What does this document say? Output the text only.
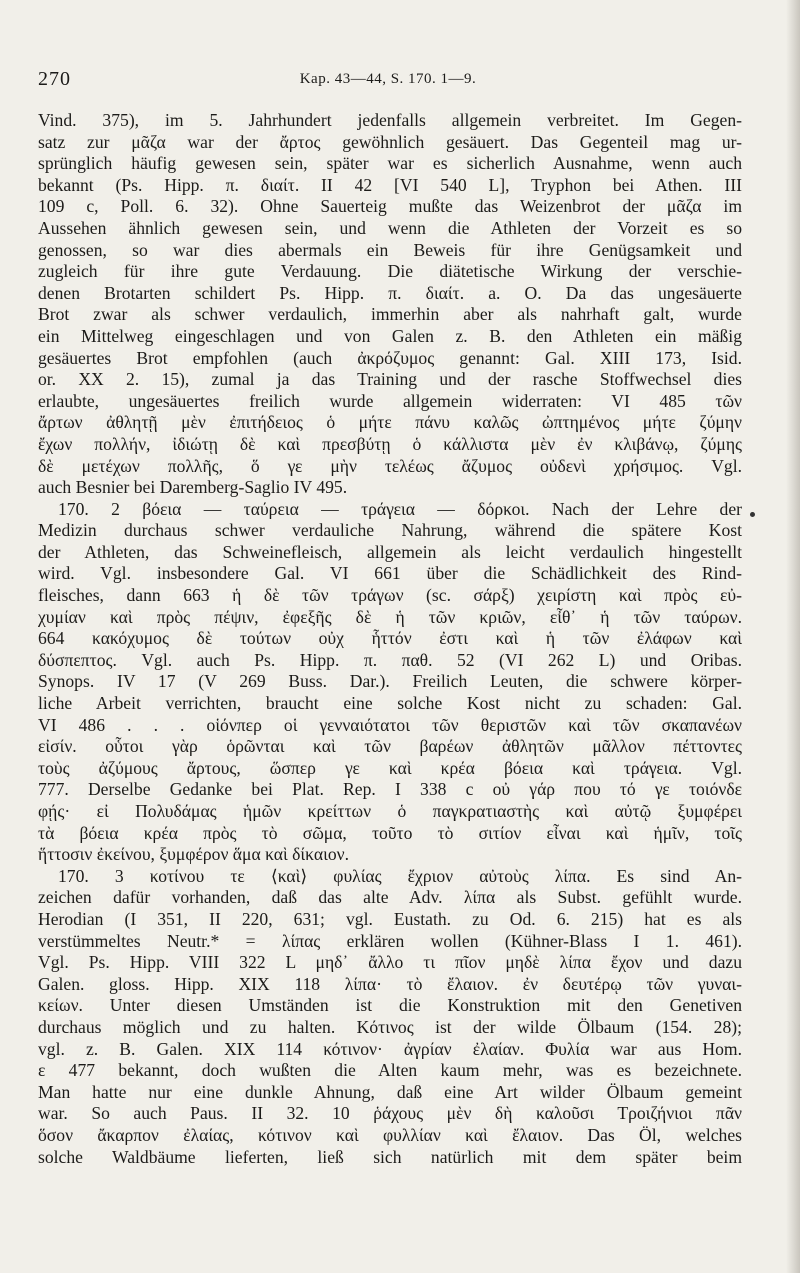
270	Kap. 43—44, S. 170. 1—9.
Vind. 375), im 5. Jahrhundert jedenfalls allgemein verbreitet. Im Gegen-
satz zur μᾶζα war der ἄρτος gewöhnlich gesäuert. Das Gegenteil mag ur-
sprünglich häufig gewesen sein, später war es sicherlich Ausnahme, wenn auch
bekannt (Ps. Hipp. π. διαίτ. II 42 [VI 540 L], Tryphon bei Athen. III
109 c, Poll. 6. 32). Ohne Sauerteig mußte das Weizenbrot der μᾶζα im
Aussehen ähnlich gewesen sein, und wenn die Athleten der Vorzeit es so
genossen, so war dies abermals ein Beweis für ihre Genügsamkeit und
zugleich für ihre gute Verdauung. Die diätetische Wirkung der verschie-
denen Brotarten schildert Ps. Hipp. π. διαίτ. a. O. Da das ungesäuerte
Brot zwar als schwer verdaulich, immerhin aber als nahrhaft galt, wurde
ein Mittelweg eingeschlagen und von Galen z. B. den Athleten ein mäßig
gesäuertes Brot empfohlen (auch ἀκρόζυμος genannt: Gal. XIII 173, Isid.
or. XX 2. 15), zumal ja das Training und der rasche Stoffwechsel dies
erlaubte, ungesäuertes freilich wurde allgemein widerraten: VI 485 τῶν
ἄρτων ἀθλητῇ μὲν ἐπιτήδειος ὁ μήτε πάνυ καλῶς ὠπτημένος μήτε ζύμην
ἔχων πολλήν, ἰδιώτῃ δὲ καὶ πρεσβύτῃ ὁ κάλλιστα μὲν ἐν κλιβάνῳ, ζύμης
δὲ μετέχων πολλῆς, ὅ γε μὴν τελέως ἄζυμος οὐδενὶ χρήσιμος. Vgl.
auch Besnier bei Daremberg-Saglio IV 495.
170. 2 βόεια — ταύρεια — τράγεια — δόρκοι. Nach der Lehre der
Medizin durchaus schwer verdauliche Nahrung, während die spätere Kost
der Athleten, das Schweinefleisch, allgemein als leicht verdaulich hingestellt
wird. Vgl. insbesondere Gal. VI 661 über die Schädlichkeit des Rind-
fleisches, dann 663 ἡ δὲ τῶν τράγων (sc. σάρξ) χειρίστη καὶ πρὸς εὐ-
χυμίαν καὶ πρὸς πέψιν, ἐφεξῆς δὲ ἡ τῶν κριῶν, εἶθ᾿ ἡ τῶν ταύρων.
664 κακόχυμος δὲ τούτων οὐχ ἧττόν ἐστι καὶ ἡ τῶν ἐλάφων καὶ
δύσπεπτος. Vgl. auch Ps. Hipp. π. παθ. 52 (VI 262 L) und Oribas.
Synops. IV 17 (V 269 Buss. Dar.). Freilich Leuten, die schwere körper-
liche Arbeit verrichten, braucht eine solche Kost nicht zu schaden: Gal.
VI 486 . . . οἱόνπερ οἱ γενναιότατοι τῶν θεριστῶν καὶ τῶν σκαπανέων
εἰσίν. οὗτοι γὰρ ὁρῶνται καὶ τῶν βαρέων ἀθλητῶν μᾶλλον πέττοντες
τοὺς ἀζύμους ἄρτους, ὥσπερ γε καὶ κρέα βόεια καὶ τράγεια. Vgl.
777. Derselbe Gedanke bei Plat. Rep. I 338 c οὐ γάρ που τό γε τοιόνδε
φῄς· εἰ Πολυδάμας ἡμῶν κρείττων ὁ παγκρατιαστὴς καὶ αὐτῷ ξυμφέρει
τὰ βόεια κρέα πρὸς τὸ σῶμα, τοῦτο τὸ σιτίον εἶναι καὶ ἡμῖν, τοῖς
ἥττοσιν ἐκείνου, ξυμφέρον ἅμα καὶ δίκαιον.
170. 3 κοτίνου τε ⟨καὶ⟩ φυλίας ἔχριον αὐτοὺς λίπα. Es sind An-
zeichen dafür vorhanden, daß das alte Adv. λίπα als Subst. gefühlt wurde.
Herodian (I 351, II 220, 631; vgl. Eustath. zu Od. 6. 215) hat es als
verstümmeltes Neutr.* = λίπας erklären wollen (Kühner-Blass I 1. 461).
Vgl. Ps. Hipp. VIII 322 L μηδ᾿ ἄλλο τι πῖον μηδὲ λίπα ἔχον und dazu
Galen. gloss. Hipp. XIX 118 λίπα· τὸ ἔλαιον. ἐν δευτέρῳ τῶν γυναι-
κείων. Unter diesen Umständen ist die Konstruktion mit den Genetiven
durchaus möglich und zu halten. Κότινος ist der wilde Ölbaum (154. 28);
vgl. z. B. Galen. XIX 114 κότινον· ἀγρίαν ἐλαίαν. Φυλία war aus Hom.
ε 477 bekannt, doch wußten die Alten kaum mehr, was es bezeichnete.
Man hatte nur eine dunkle Ahnung, daß eine Art wilder Ölbaum gemeint
war. So auch Paus. II 32. 10 ῥάχους μὲν δὴ καλοῦσι Τροιζήνιοι πᾶν
ὅσον ἄκαρπον ἐλαίας, κότινον καὶ φυλλίαν καὶ ἔλαιον. Das Öl, welches
solche Waldbäume lieferten, ließ sich natürlich mit dem später beim
